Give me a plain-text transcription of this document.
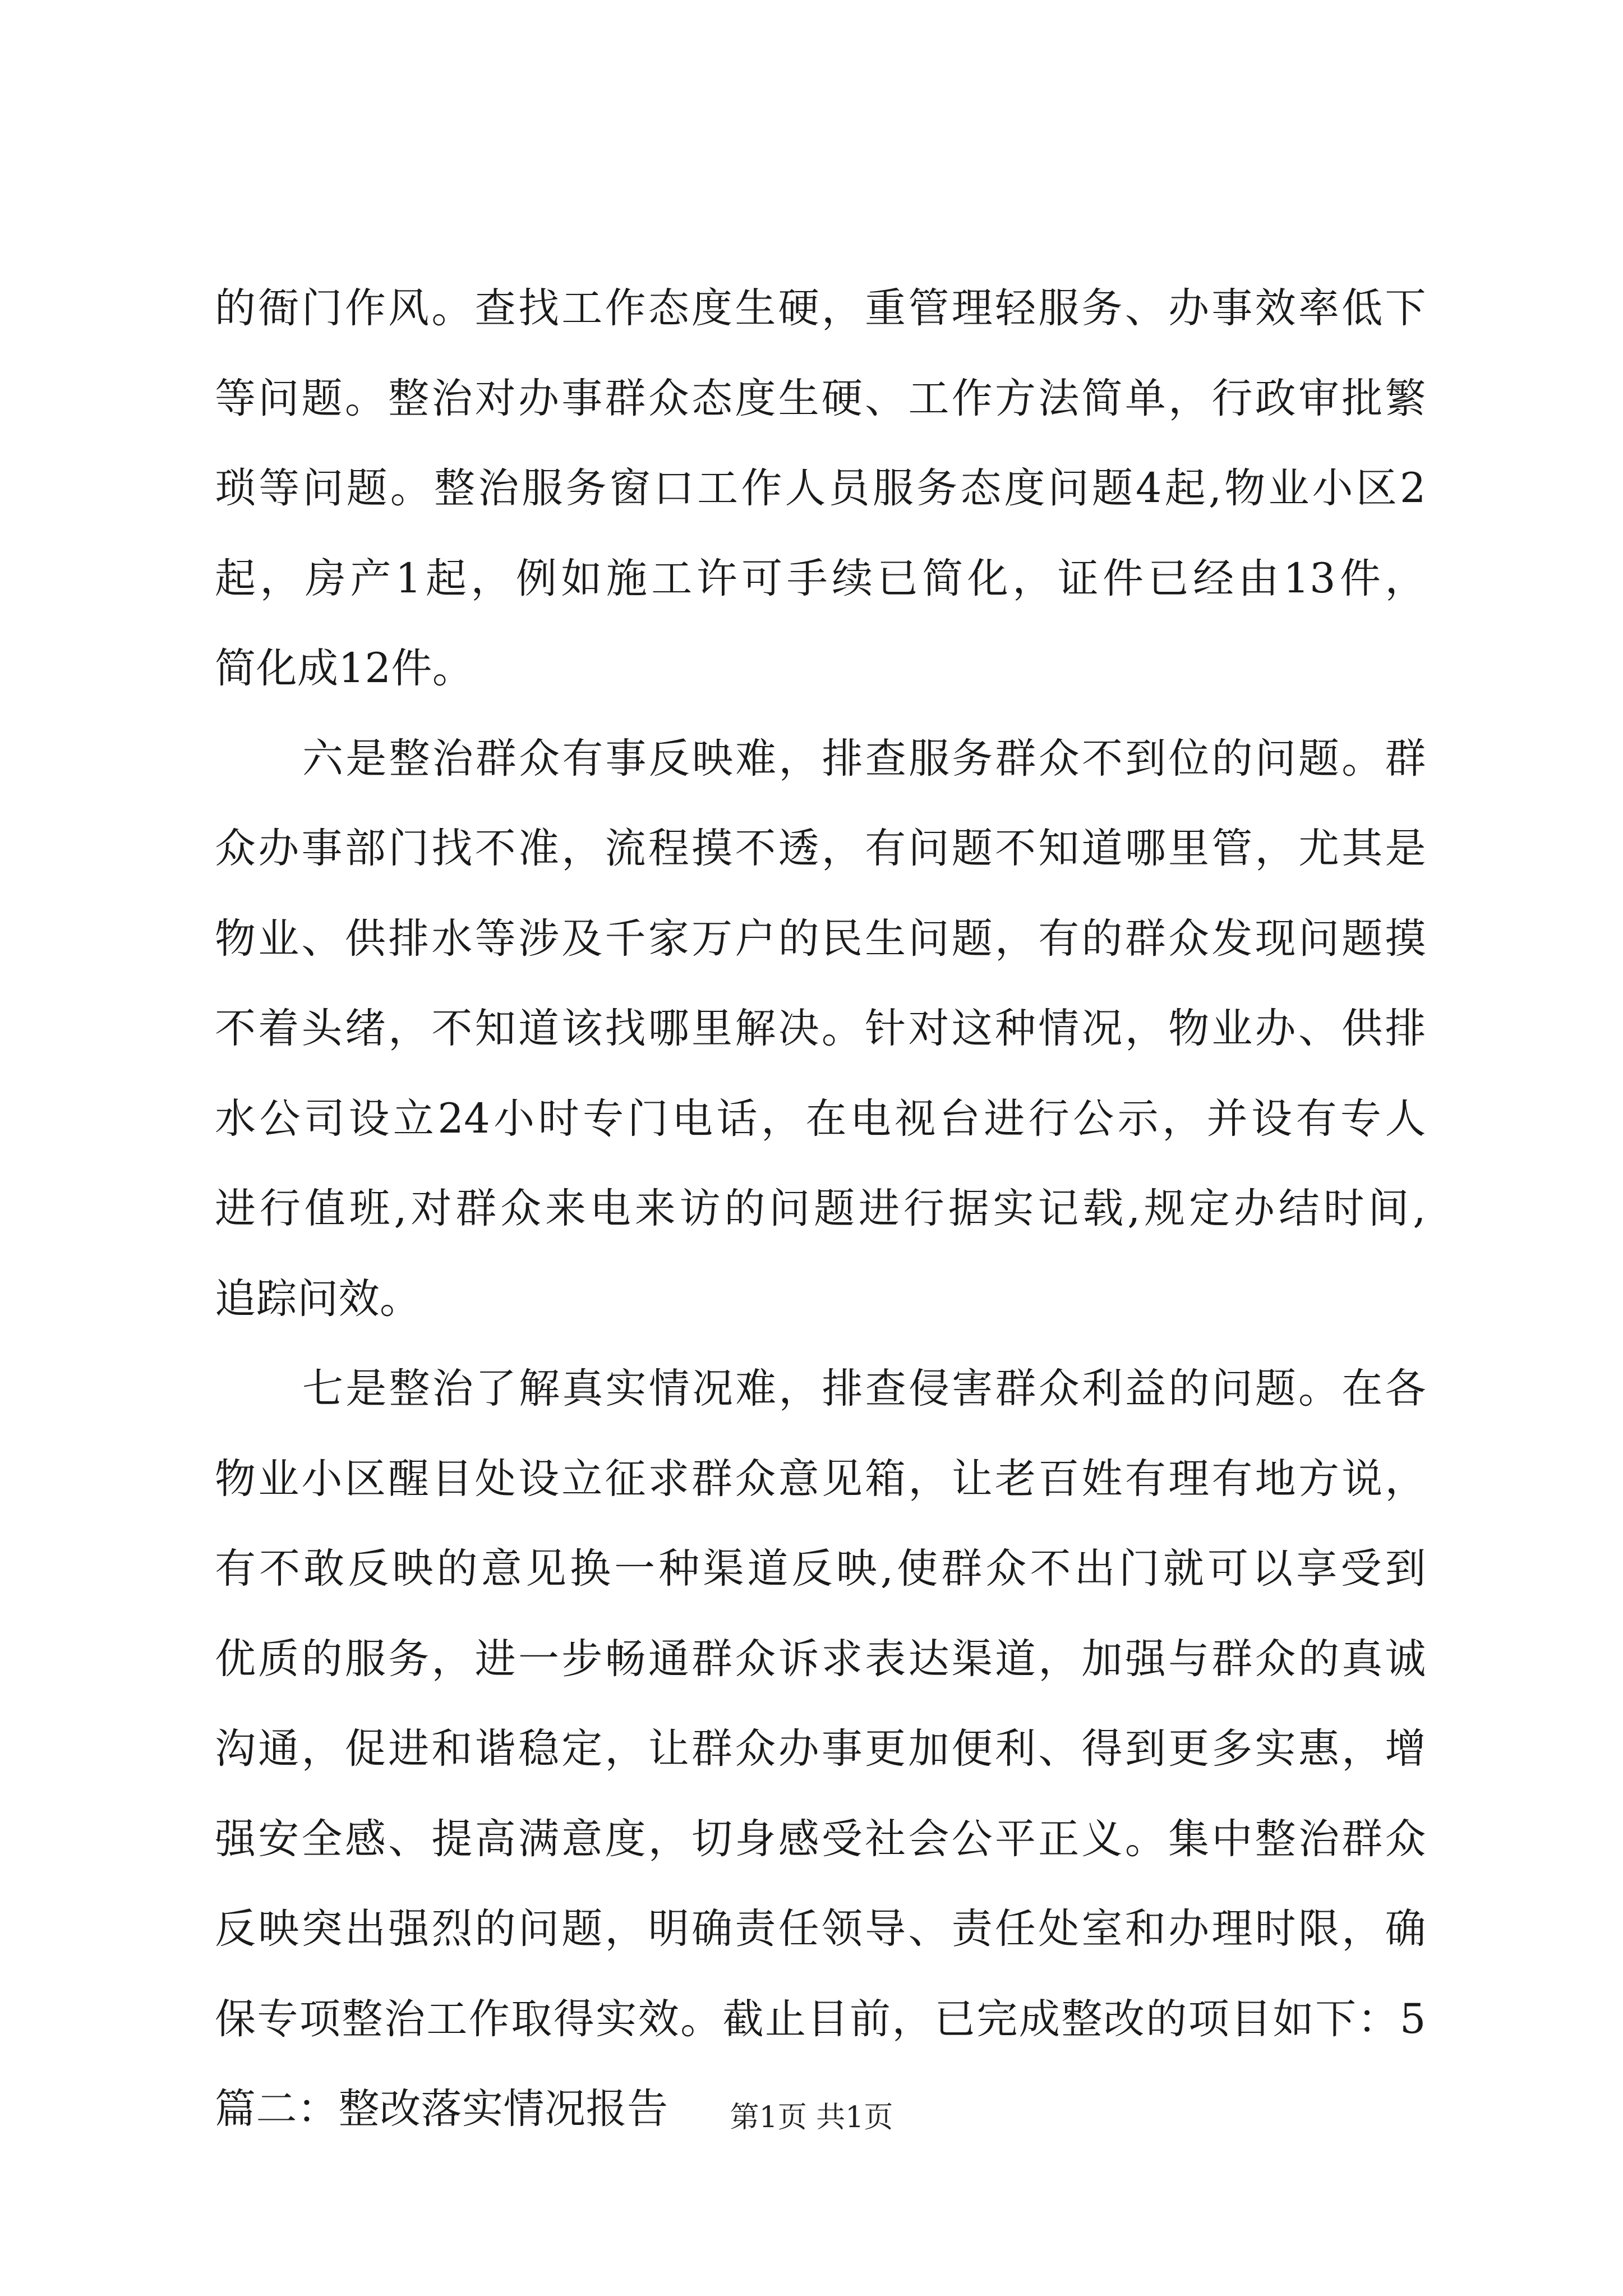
的衙门作风。查找工作态度生硬，重管理轻服务、办事效率低下
等问题。整治对办事群众态度生硬、工作方法简单，行政审批繁
琐等问题。整治服务窗口工作人员服务态度问题4起,物业小区2
起，房产1起，例如施工许可手续已简化，证件已经由13件，
简化成12件。
六是整治群众有事反映难，排查服务群众不到位的问题。群
众办事部门找不准，流程摸不透，有问题不知道哪里管，尤其是
物业、供排水等涉及千家万户的民生问题，有的群众发现问题摸
不着头绪，不知道该找哪里解决。针对这种情况，物业办、供排
水公司设立24小时专门电话，在电视台进行公示，并设有专人
进行值班,对群众来电来访的问题进行据实记载,规定办结时间,
追踪问效。
七是整治了解真实情况难，排查侵害群众利益的问题。在各
物业小区醒目处设立征求群众意见箱，让老百姓有理有地方说，
有不敢反映的意见换一种渠道反映,使群众不出门就可以享受到
优质的服务，进一步畅通群众诉求表达渠道，加强与群众的真诚
沟通，促进和谐稳定，让群众办事更加便利、得到更多实惠，增
强安全感、提高满意度，切身感受社会公平正义。集中整治群众
反映突出强烈的问题，明确责任领导、责任处室和办理时限，确
保专项整治工作取得实效。截止目前，已完成整改的项目如下：5
篇二：整改落实情况报告	第1页 共1页
